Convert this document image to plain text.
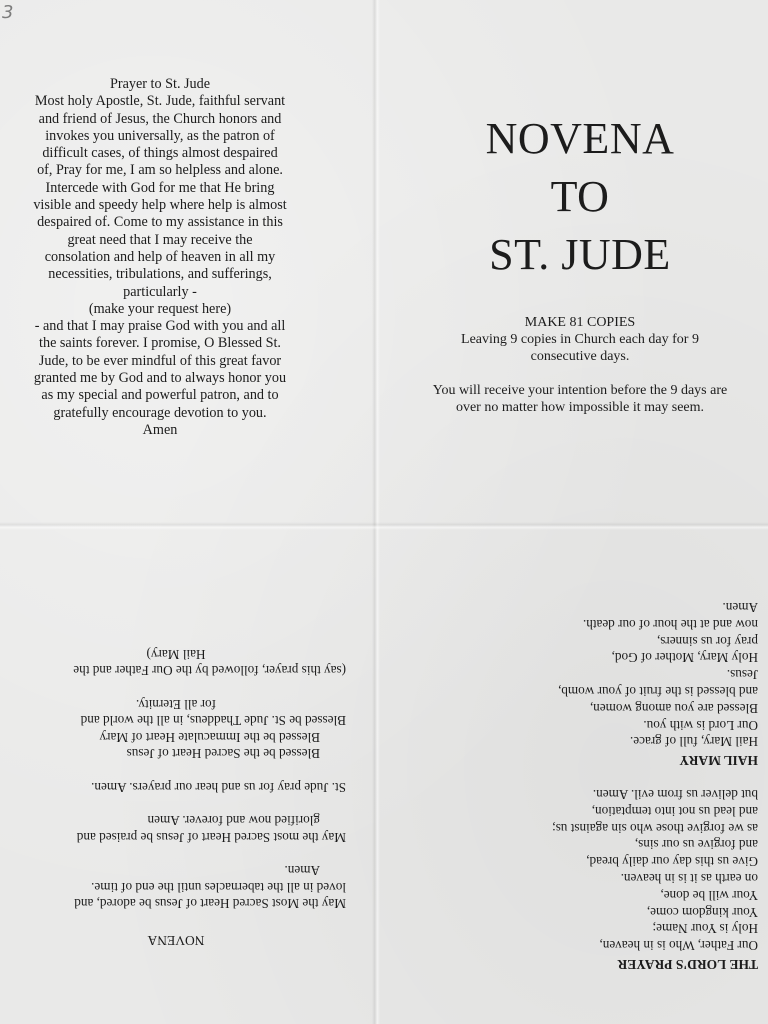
3
Prayer to St. Jude
Most holy Apostle, St. Jude, faithful servant
and friend of Jesus, the Church honors and
invokes you universally, as the patron of
difficult cases, of things almost despaired
of, Pray for me, I am so helpless and alone.
Intercede with God for me that He bring
visible and speedy help where help is almost
despaired of. Come to my assistance in this
great need that I may receive the
consolation and help of heaven in all my
necessities, tribulations, and sufferings,
particularly -
(make your request here)
- and that I may praise God with you and all
the saints forever. I promise, O Blessed St.
Jude, to be ever mindful of this great favor
granted me by God and to always honor you
as my special and powerful patron, and to
gratefully encourage devotion to you.
Amen
NOVENA
TO
ST. JUDE
MAKE 81 COPIES
Leaving 9 copies in Church each day for 9
consecutive days.
You will receive your intention before the 9 days are
over no matter how impossible it may seem.
NOVENA
May the Most Sacred Heart of Jesus be adored, and
loved in all the tabernacles until the end of time.
Amen.
May the most Sacred Heart of Jesus be praised and
glorified now and forever. Amen
St. Jude pray for us and hear our prayers. Amen.
Blessed be the Sacred Heart of Jesus
Blessed be the Immaculate Heart of Mary
Blessed be St. Jude Thaddeus, in all the world and
for all Eternity.
(say this prayer, followed by the Our Father and the
Hail Mary)
THE LORD'S PRAYER
Our Father, Who is in heaven,
Holy is Your Name;
Your kingdom come,
Your will be done,
on earth as it is in heaven.
Give us this day our daily bread,
and forgive us our sins,
as we forgive those who sin against us;
and lead us not into temptation,
but deliver us from evil. Amen.
HAIL MARY
Hail Mary, full of grace.
Our Lord is with you.
Blessed are you among women,
and blessed is the fruit of your womb,
Jesus.
Holy Mary, Mother of God,
pray for us sinners,
now and at the hour of our death.
Amen.
